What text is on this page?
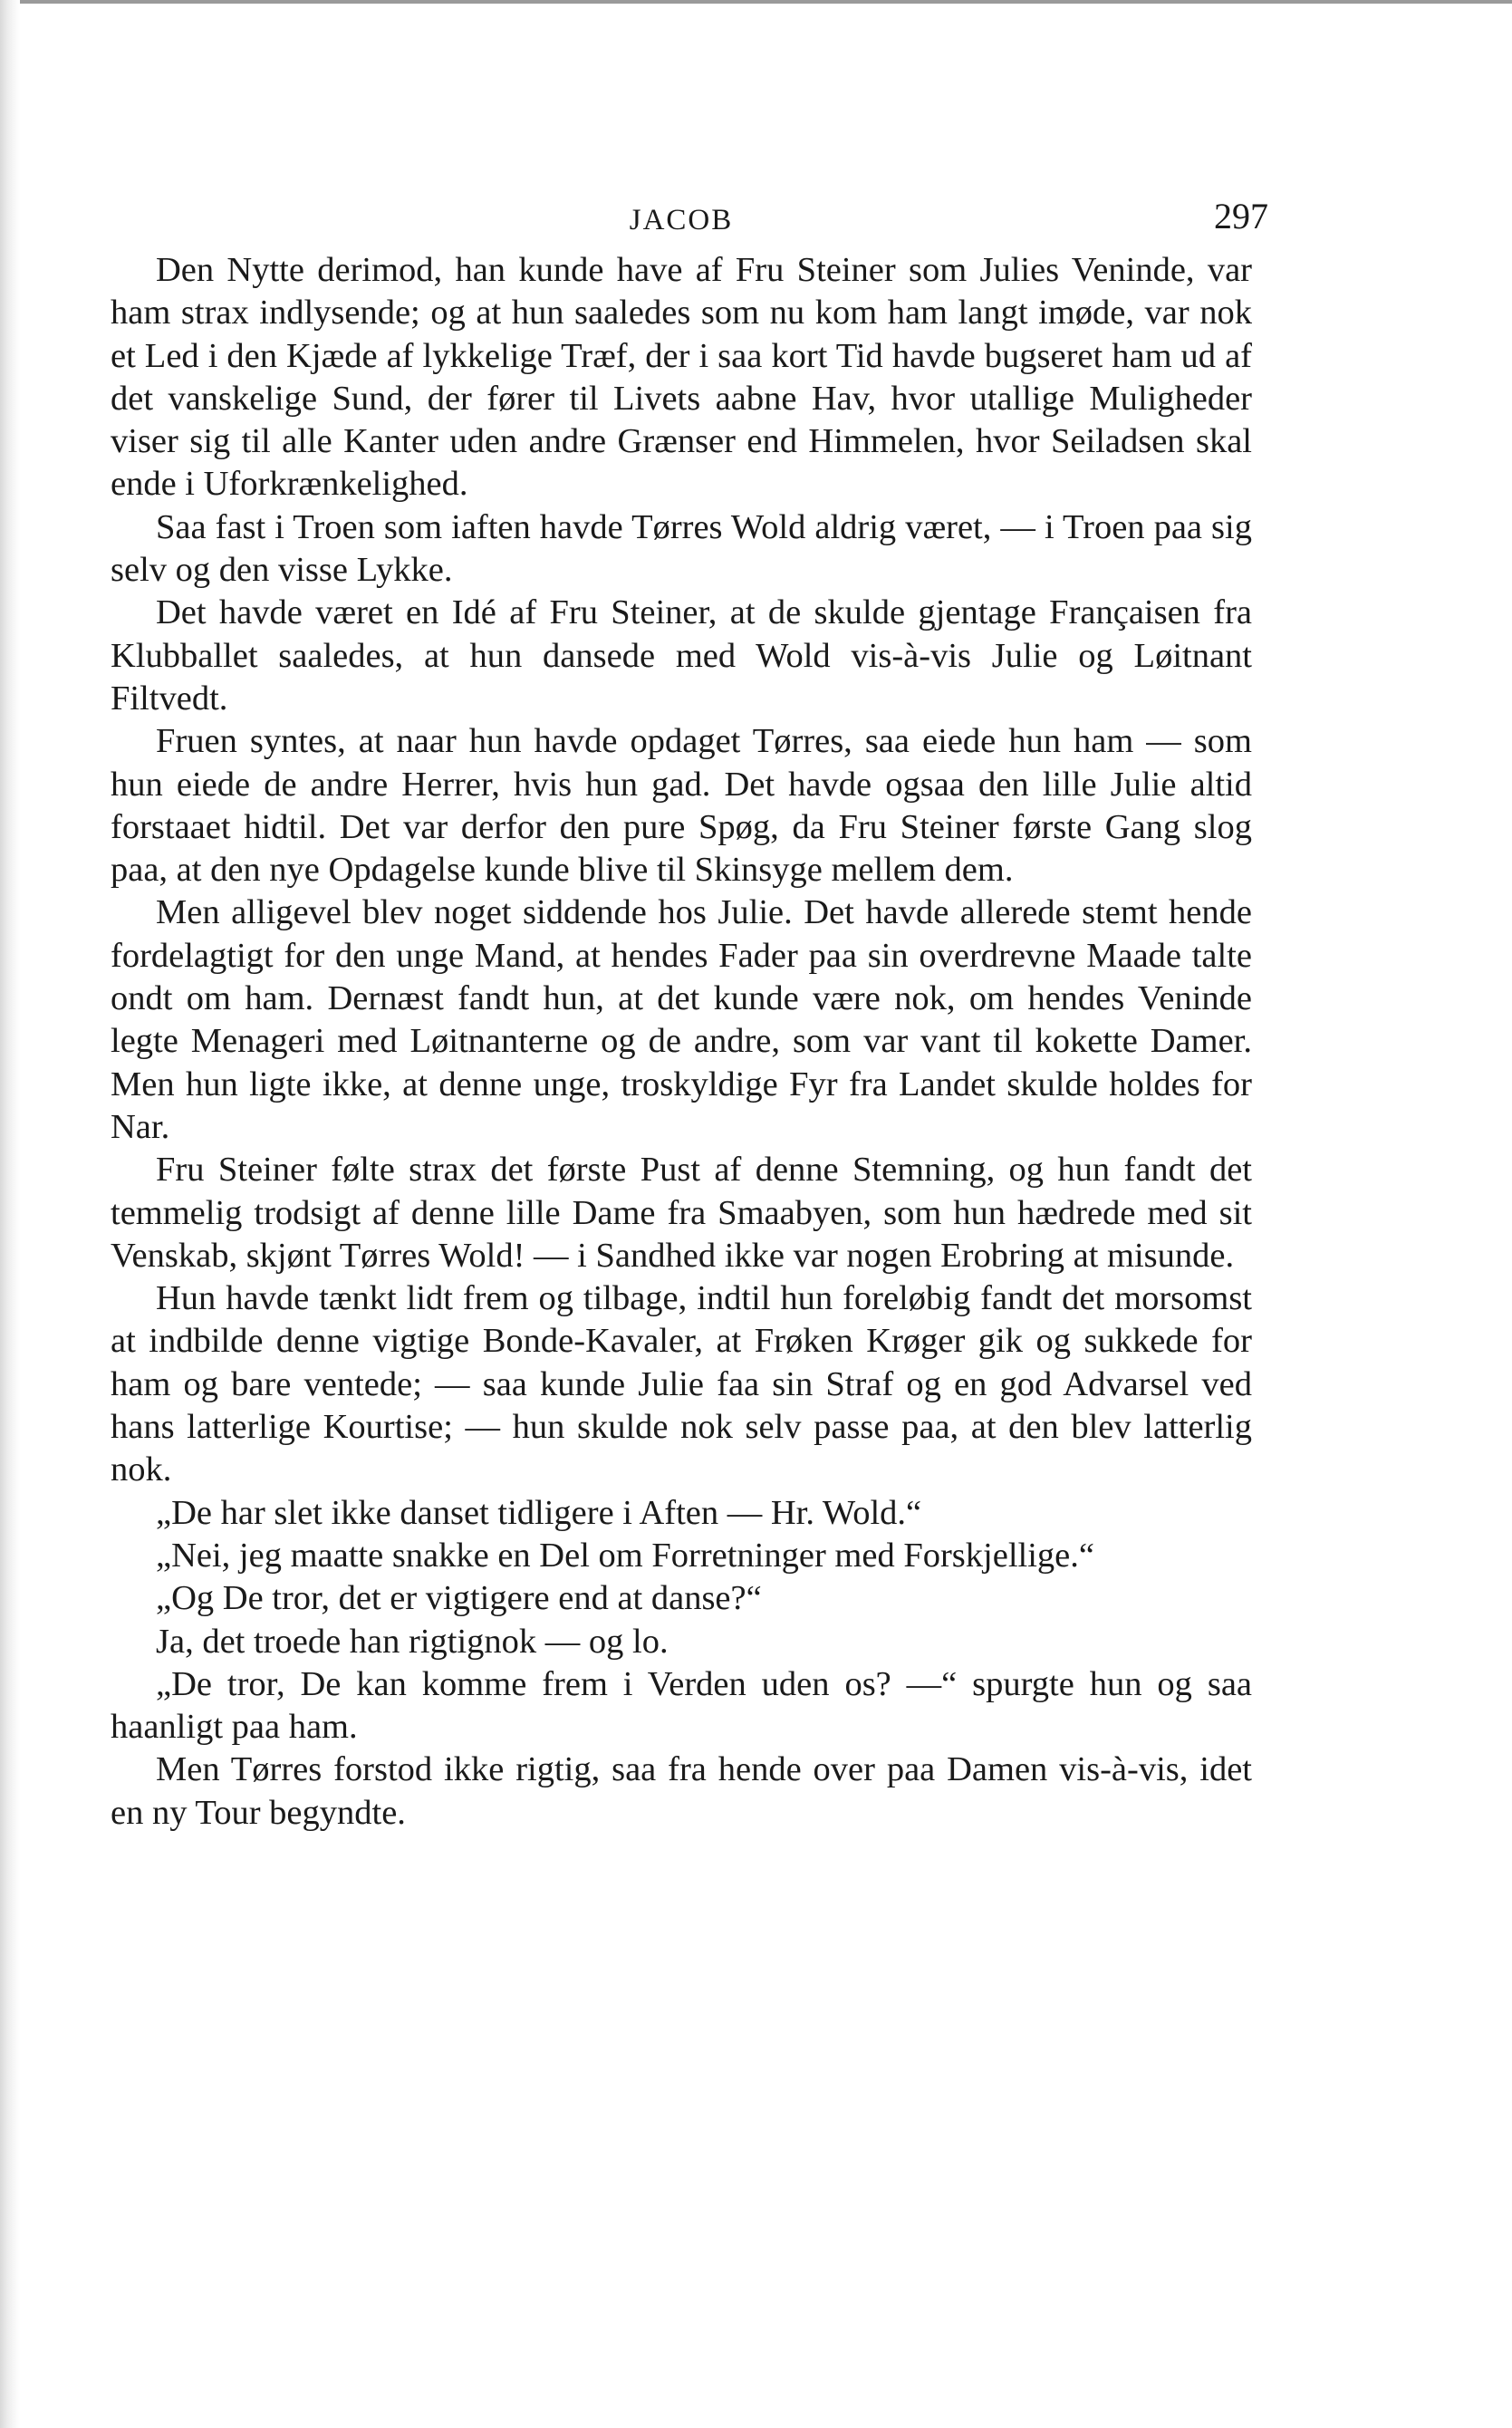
JACOB	297

Den Nytte derimod, han kunde have af Fru Steiner som Julies Veninde, var ham strax indlysende; og at hun saaledes som nu kom ham langt imøde, var nok et Led i den Kjæde af lykkelige Træf, der i saa kort Tid havde bugseret ham ud af det vanskelige Sund, der fører til Livets aabne Hav, hvor utallige Muligheder viser sig til alle Kanter uden andre Grænser end Himmelen, hvor Seiladsen skal ende i Uforkrænkelighed.

Saa fast i Troen som iaften havde Tørres Wold aldrig været, — i Troen paa sig selv og den visse Lykke.

Det havde været en Idé af Fru Steiner, at de skulde gjentage Françaisen fra Klubballet saaledes, at hun dansede med Wold vis-à-vis Julie og Løitnant Filtvedt.

Fruen syntes, at naar hun havde opdaget Tørres, saa eiede hun ham — som hun eiede de andre Herrer, hvis hun gad. Det havde ogsaa den lille Julie altid forstaaet hidtil. Det var derfor den pure Spøg, da Fru Steiner første Gang slog paa, at den nye Opdagelse kunde blive til Skinsyge mellem dem.

Men alligevel blev noget siddende hos Julie. Det havde allerede stemt hende fordelagtigt for den unge Mand, at hendes Fader paa sin overdrevne Maade talte ondt om ham. Dernæst fandt hun, at det kunde være nok, om hendes Veninde legte Menageri med Løitnanterne og de andre, som var vant til kokette Damer. Men hun ligte ikke, at denne unge, troskyldige Fyr fra Landet skulde holdes for Nar.

Fru Steiner følte strax det første Pust af denne Stemning, og hun fandt det temmelig trodsigt af denne lille Dame fra Smaabyen, som hun hædrede med sit Venskab, skjønt Tørres Wold! — i Sandhed ikke var nogen Erobring at misunde.

Hun havde tænkt lidt frem og tilbage, indtil hun foreløbig fandt det morsomst at indbilde denne vigtige Bonde-Kavaler, at Frøken Krøger gik og sukkede for ham og bare ventede; — saa kunde Julie faa sin Straf og en god Advarsel ved hans latterlige Kourtise; — hun skulde nok selv passe paa, at den blev latterlig nok.

„De har slet ikke danset tidligere i Aften — Hr. Wold.“

„Nei, jeg maatte snakke en Del om Forretninger med Forskjellige.“

„Og De tror, det er vigtigere end at danse?“

Ja, det troede han rigtignok — og lo.

„De tror, De kan komme frem i Verden uden os? —“ spurgte hun og saa haanligt paa ham.

Men Tørres forstod ikke rigtig, saa fra hende over paa Damen vis-à-vis, idet en ny Tour begyndte.
